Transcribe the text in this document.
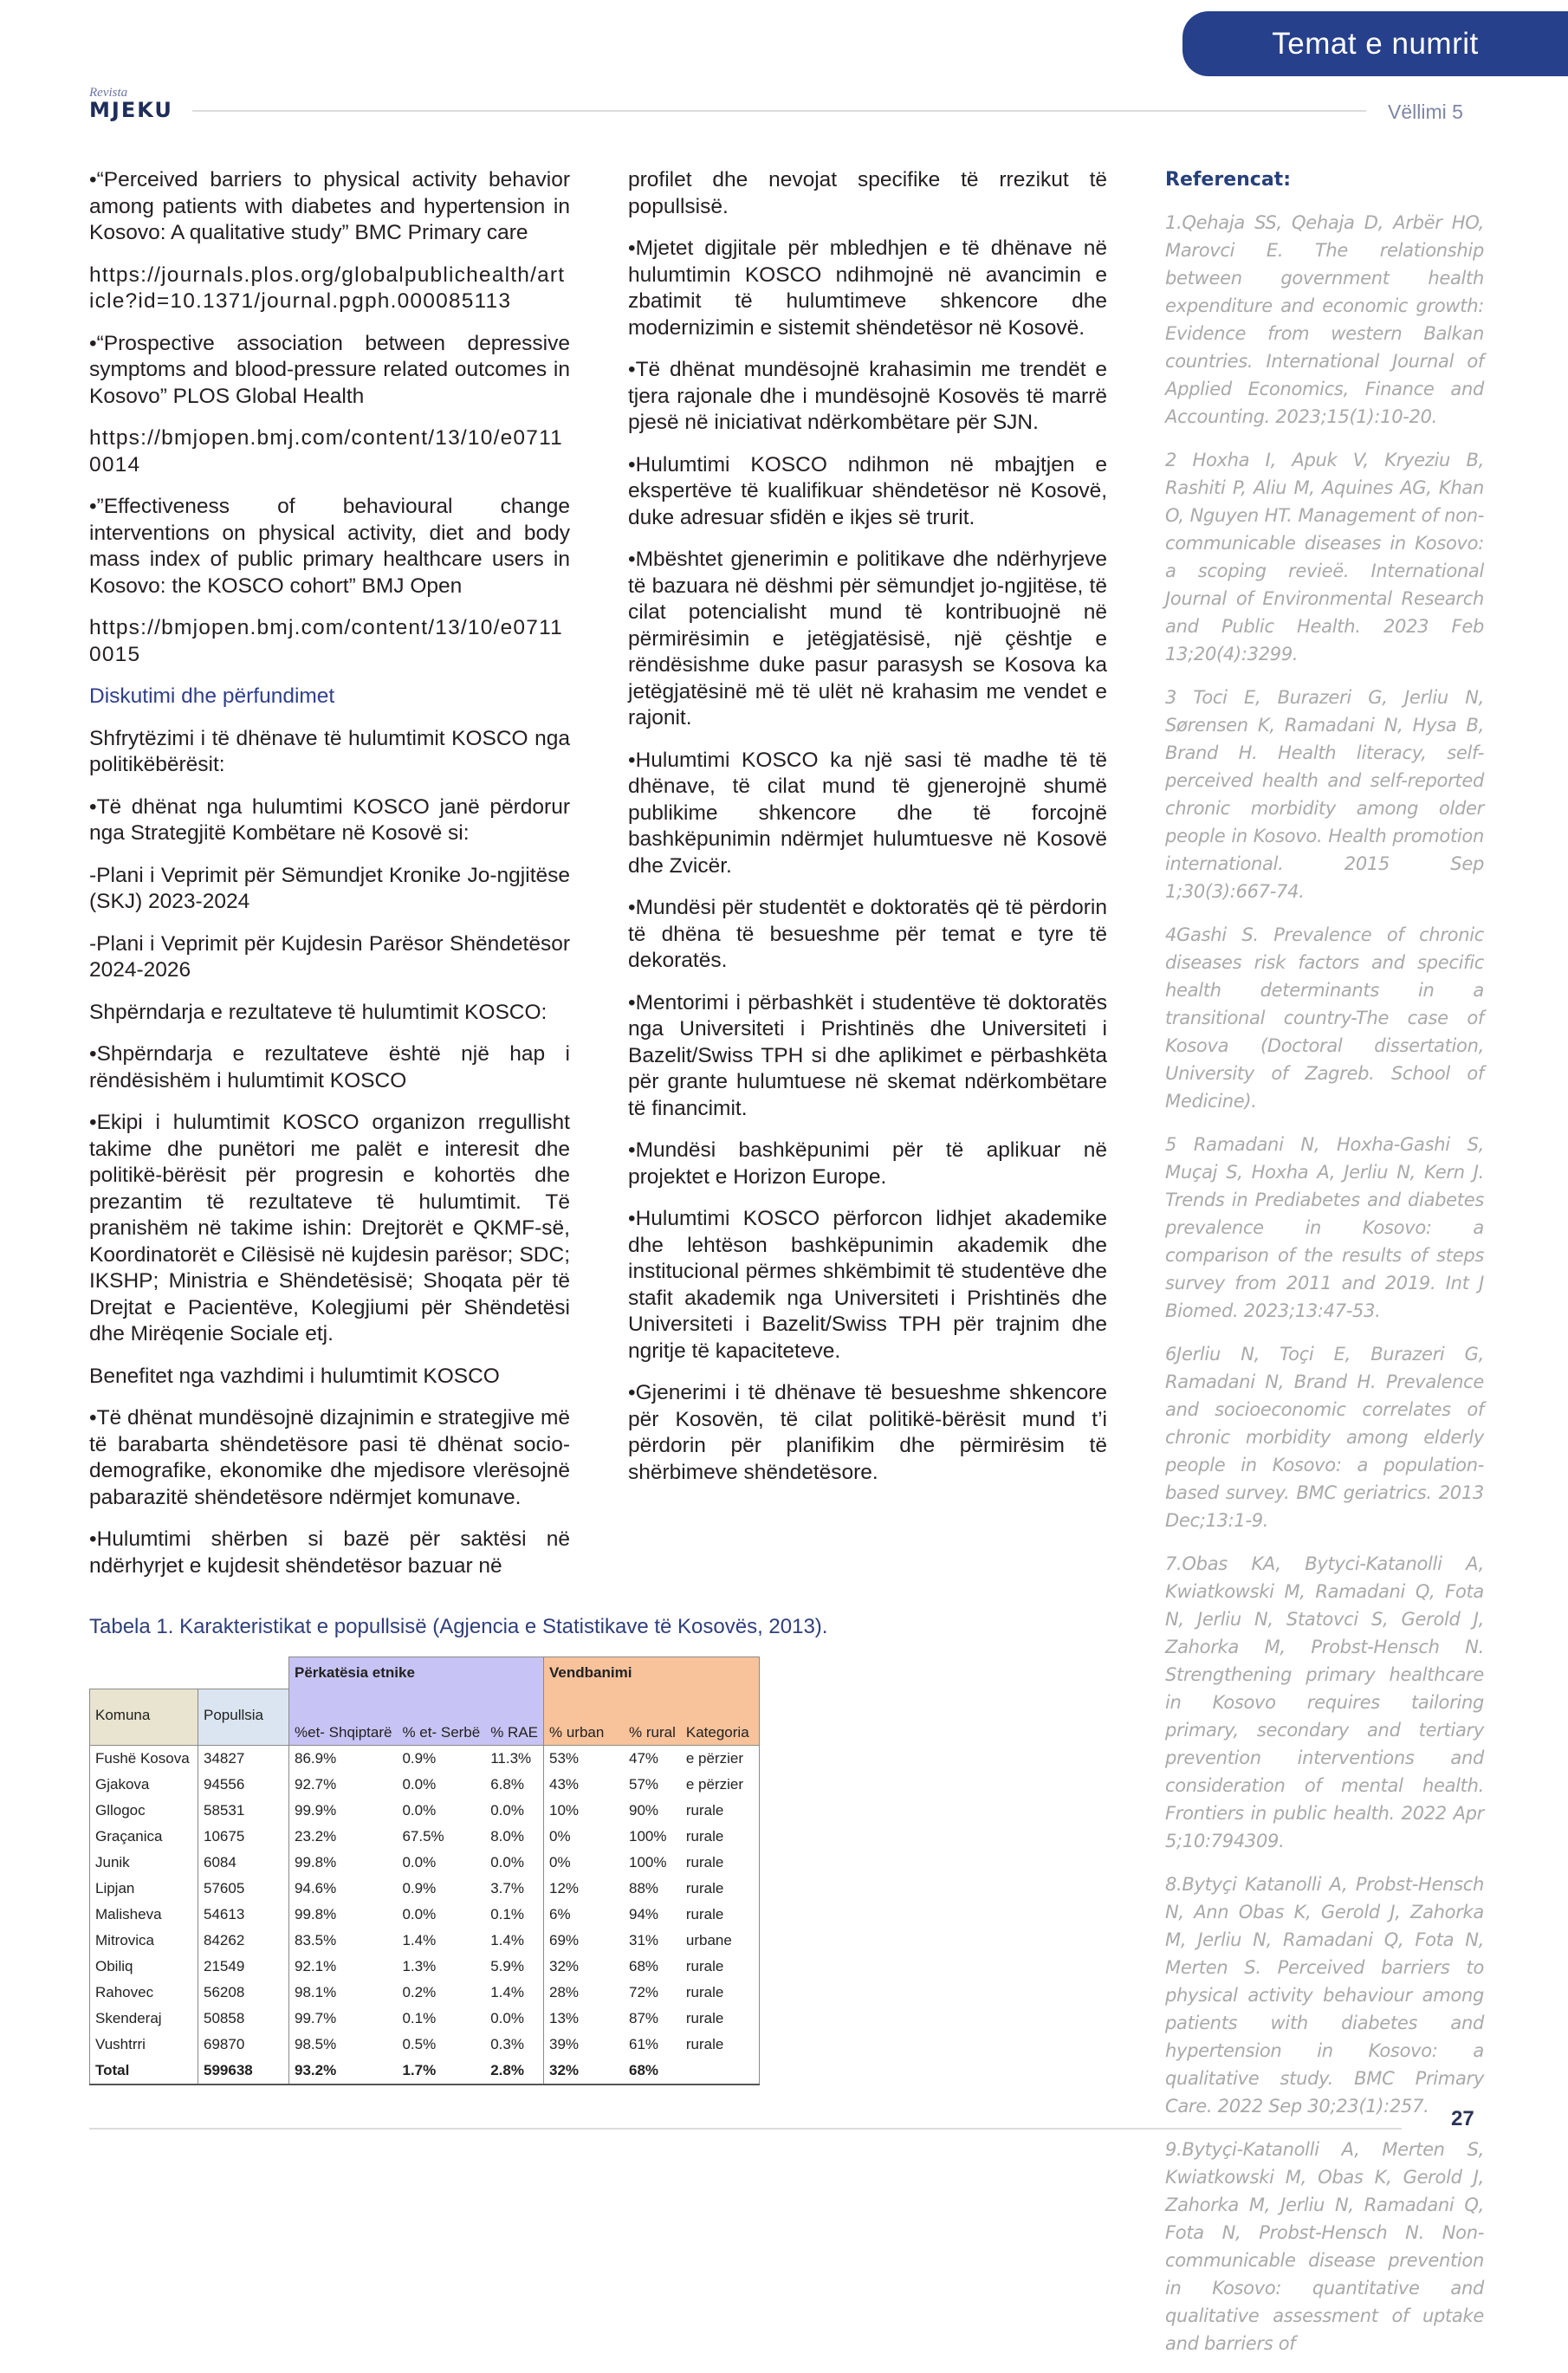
Temat e numrit
Revista
MJEKU	Vëllimi 5

•“Perceived barriers to physical activity behavior among patients with diabetes and hypertension in Kosovo: A qualitative study” BMC Primary care

https://journals.plos.org/globalpublichealth/article?id=10.1371/journal.pgph.000085113

•“Prospective association between depressive symptoms and blood-pressure related outcomes in Kosovo” PLOS Global Health

https://bmjopen.bmj.com/content/13/10/e07110014

•”Effectiveness of behavioural change interventions on physical activity, diet and body mass index of public primary healthcare users in Kosovo: the KOSCO cohort” BMJ Open

https://bmjopen.bmj.com/content/13/10/e07110015

Diskutimi dhe përfundimet

Shfrytëzimi i të dhënave të hulumtimit KOSCO nga politikëbërësit:

•Të dhënat nga hulumtimi KOSCO janë përdorur nga Strategjitë Kombëtare në Kosovë si:

-Plani i Veprimit për Sëmundjet Kronike Jo-ngjitëse (SKJ) 2023-2024

-Plani i Veprimit për Kujdesin Parësor Shëndetësor 2024-2026

Shpërndarja e rezultateve të hulumtimit KOSCO:

•Shpërndarja e rezultateve është një hap i rëndësishëm i hulumtimit KOSCO

•Ekipi i hulumtimit KOSCO organizon rregullisht takime dhe punëtori me palët e interesit dhe politikë-bërësit për progresin e kohortës dhe prezantim të rezultateve të hulumtimit. Të pranishëm në takime ishin: Drejtorët e QKMF-së, Koordinatorët e Cilësisë në kujdesin parësor; SDC; IKSHP; Ministria e Shëndetësisë; Shoqata për të Drejtat e Pacientëve, Kolegjiumi për Shëndetësi dhe Mirëqenie Sociale etj.

Benefitet nga vazhdimi i hulumtimit KOSCO

•Të dhënat mundësojnë dizajnimin e strategjive më të barabarta shëndetësore pasi të dhënat socio-demografike, ekonomike dhe mjedisore vlerësojnë pabarazitë shëndetësore ndërmjet komunave.

•Hulumtimi shërben si bazë për saktësi në ndërhyrjet e kujdesit shëndetësor bazuar në

profilet dhe nevojat specifike të rrezikut të popullsisë.

•Mjetet digjitale për mbledhjen e të dhënave në hulumtimin KOSCO ndihmojnë në avancimin e zbatimit të hulumtimeve shkencore dhe modernizimin e sistemit shëndetësor në Kosovë.

•Të dhënat mundësojnë krahasimin me trendët e tjera rajonale dhe i mundësojnë Kosovës të marrë pjesë në iniciativat ndërkombëtare për SJN.

•Hulumtimi KOSCO ndihmon në mbajtjen e ekspertëve të kualifikuar shëndetësor në Kosovë, duke adresuar sfidën e ikjes së trurit.

•Mbështet gjenerimin e politikave dhe ndërhyrjeve të bazuara në dëshmi për sëmundjet jo-ngjitëse, të cilat potencialisht mund të kontribuojnë në përmirësimin e jetëgjatësisë, një çështje e rëndësishme duke pasur parasysh se Kosova ka jetëgjatësinë më të ulët në krahasim me vendet e rajonit.

•Hulumtimi KOSCO ka një sasi të madhe të të dhënave, të cilat mund të gjenerojnë shumë publikime shkencore dhe të forcojnë bashkëpunimin ndërmjet hulumtuesve në Kosovë dhe Zvicër.

•Mundësi për studentët e doktoratës që të përdorin të dhëna të besueshme për temat e tyre të dekoratës.

•Mentorimi i përbashkët i studentëve të doktoratës nga Universiteti i Prishtinës dhe Universiteti i Bazelit/Swiss TPH si dhe aplikimet e përbashkëta për grante hulumtuese në skemat ndërkombëtare të financimit.

•Mundësi bashkëpunimi për të aplikuar në projektet e Horizon Europe.

•Hulumtimi KOSCO përforcon lidhjet akademike dhe lehtëson bashkëpunimin akademik dhe institucional përmes shkëmbimit të studentëve dhe stafit akademik nga Universiteti i Prishtinës dhe Universiteti i Bazelit/Swiss TPH për trajnim dhe ngritje të kapaciteteve.

•Gjenerimi i të dhënave të besueshme shkencore për Kosovën, të cilat politikë-bërësit mund t’i përdorin për planifikim dhe përmirësim të shërbimeve shëndetësore.

Referencat:

1.Qehaja SS, Qehaja D, Arbër HO, Marovci E. The relationship between government health expenditure and economic growth: Evidence from western Balkan countries. International Journal of Applied Economics, Finance and Accounting. 2023;15(1):10-20.

2 Hoxha I, Apuk V, Kryeziu B, Rashiti P, Aliu M, Aquines AG, Khan O, Nguyen HT. Management of non-communicable diseases in Kosovo: a scoping revieë. International Journal of Environmental Research and Public Health. 2023 Feb 13;20(4):3299.

3 Toci E, Burazeri G, Jerliu N, Sørensen K, Ramadani N, Hysa B, Brand H. Health literacy, self-perceived health and self-reported chronic morbidity among older people in Kosovo. Health promotion international. 2015 Sep 1;30(3):667-74.

4Gashi S. Prevalence of chronic diseases risk factors and specific health determinants in a transitional country-The case of Kosova (Doctoral dissertation, University of Zagreb. School of Medicine).

5 Ramadani N, Hoxha-Gashi S, Muçaj S, Hoxha A, Jerliu N, Kern J. Trends in Prediabetes and diabetes prevalence in Kosovo: a comparison of the results of steps survey from 2011 and 2019. Int J Biomed. 2023;13:47-53.

6Jerliu N, Toçi E, Burazeri G, Ramadani N, Brand H. Prevalence and socioeconomic correlates of chronic morbidity among elderly people in Kosovo: a population-based survey. BMC geriatrics. 2013 Dec;13:1-9.

7.Obas KA, Bytyci-Katanolli A, Kwiatkowski M, Ramadani Q, Fota N, Jerliu N, Statovci S, Gerold J, Zahorka M, Probst-Hensch N. Strengthening primary healthcare in Kosovo requires tailoring primary, secondary and tertiary prevention interventions and consideration of mental health. Frontiers in public health. 2022 Apr 5;10:794309.

8.Bytyçi Katanolli A, Probst-Hensch N, Ann Obas K, Gerold J, Zahorka M, Jerliu N, Ramadani Q, Fota N, Merten S. Perceived barriers to physical activity behaviour among patients with diabetes and hypertension in Kosovo: a qualitative study. BMC Primary Care. 2022 Sep 30;23(1):257.

9.Bytyçi-Katanolli A, Merten S, Kwiatkowski M, Obas K, Gerold J, Zahorka M, Jerliu N, Ramadani Q, Fota N, Probst-Hensch N. Non-communicable disease prevention in Kosovo: quantitative and qualitative assessment of uptake and barriers of

Tabela 1. Karakteristikat e popullsisë (Agjencia e Statistikave të Kosovës, 2013).
		Përkatësia etnike			Vendbanimi		
Komuna	Popullsia	%et- Shqiptarë	% et- Serbë	% RAE	% urban	% rural	Kategoria
Fushë Kosova	34827	86.9%	0.9%	11.3%	53%	47%	e përzier
Gjakova	94556	92.7%	0.0%	6.8%	43%	57%	e përzier
Gllogoc	58531	99.9%	0.0%	0.0%	10%	90%	rurale
Graçanica	10675	23.2%	67.5%	8.0%	0%	100%	rurale
Junik	6084	99.8%	0.0%	0.0%	0%	100%	rurale
Lipjan	57605	94.6%	0.9%	3.7%	12%	88%	rurale
Malisheva	54613	99.8%	0.0%	0.1%	6%	94%	rurale
Mitrovica	84262	83.5%	1.4%	1.4%	69%	31%	urbane
Obiliq	21549	92.1%	1.3%	5.9%	32%	68%	rurale
Rahovec	56208	98.1%	0.2%	1.4%	28%	72%	rurale
Skenderaj	50858	99.7%	0.1%	0.0%	13%	87%	rurale
Vushtrri	69870	98.5%	0.5%	0.3%	39%	61%	rurale
Total	599638	93.2%	1.7%	2.8%	32%	68%	
27
